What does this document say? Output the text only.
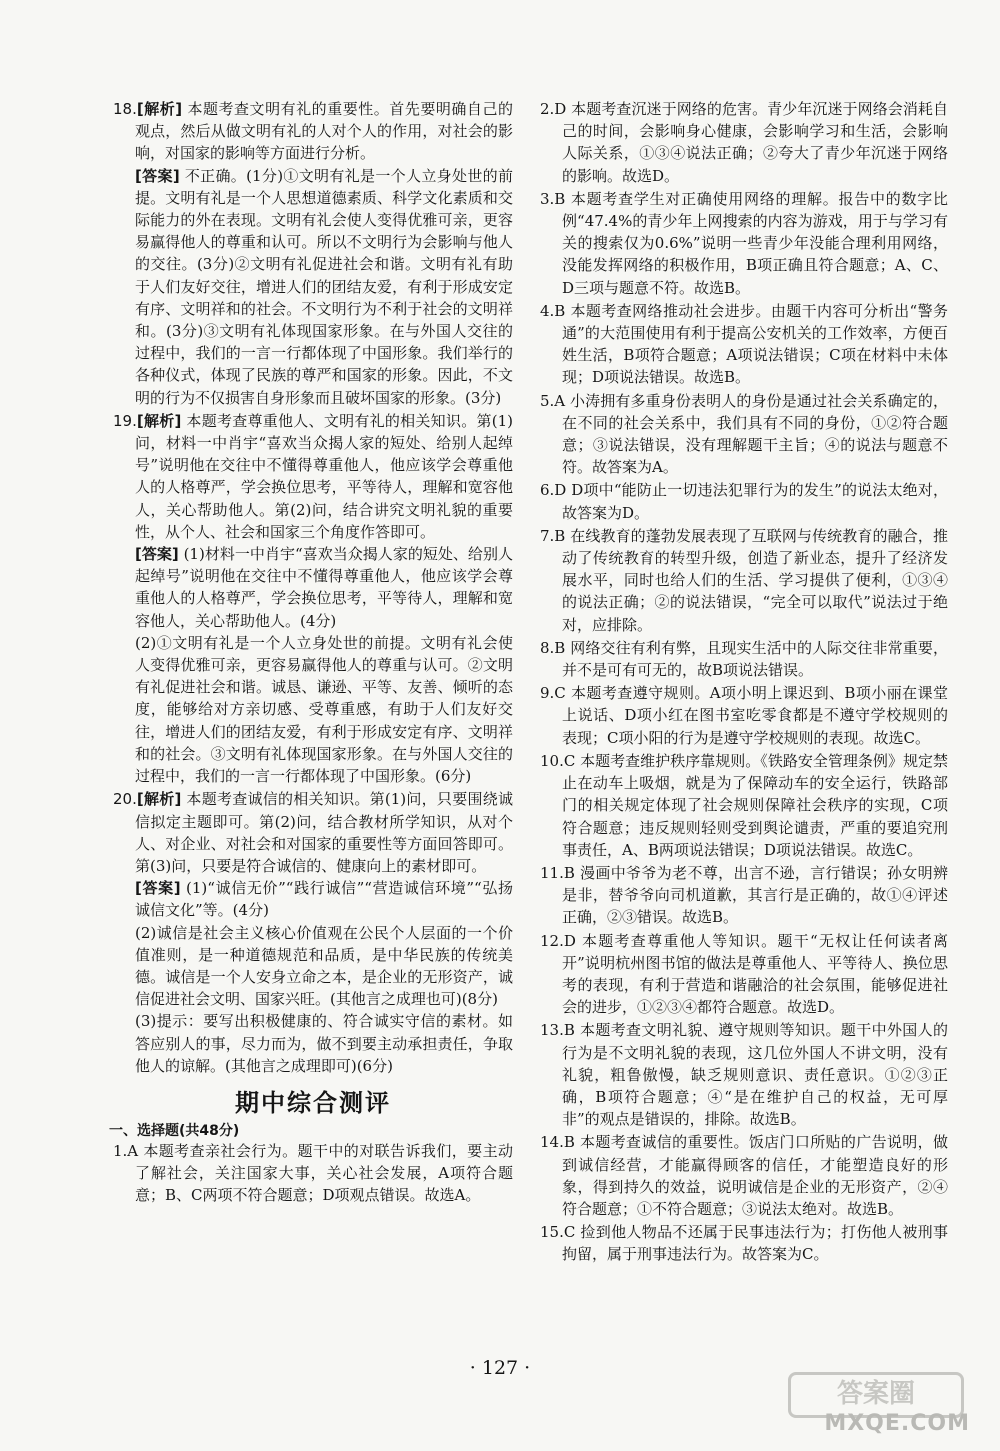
18.[解析] 本题考查文明有礼的重要性。首先要明确自己的观点，然后从做文明有礼的人对个人的作用，对社会的影响，对国家的影响等方面进行分析。
[答案] 不正确。(1分)①文明有礼是一个人立身处世的前提。文明有礼是一个人思想道德素质、科学文化素质和交际能力的外在表现。文明有礼会使人变得优雅可亲，更容易赢得他人的尊重和认可。所以不文明行为会影响与他人的交往。(3分)②文明有礼促进社会和谐。文明有礼有助于人们友好交往，增进人们的团结友爱，有利于形成安定有序、文明祥和的社会。不文明行为不利于社会的文明祥和。(3分)③文明有礼体现国家形象。在与外国人交往的过程中，我们的一言一行都体现了中国形象。我们举行的各种仪式，体现了民族的尊严和国家的形象。因此，不文明的行为不仅损害自身形象而且破坏国家的形象。(3分)
19.[解析] 本题考查尊重他人、文明有礼的相关知识。第(1)问，材料一中肖宇“喜欢当众揭人家的短处、给别人起绰号”说明他在交往中不懂得尊重他人，他应该学会尊重他人的人格尊严，学会换位思考，平等待人，理解和宽容他人，关心帮助他人。第(2)问，结合讲究文明礼貌的重要性，从个人、社会和国家三个角度作答即可。
[答案] (1)材料一中肖宇“喜欢当众揭人家的短处、给别人起绰号”说明他在交往中不懂得尊重他人，他应该学会尊重他人的人格尊严，学会换位思考，平等待人，理解和宽容他人，关心帮助他人。(4分)
(2)①文明有礼是一个人立身处世的前提。文明有礼会使人变得优雅可亲，更容易赢得他人的尊重与认可。②文明有礼促进社会和谐。诚恳、谦逊、平等、友善、倾听的态度，能够给对方亲切感、受尊重感，有助于人们友好交往，增进人们的团结友爱，有利于形成安定有序、文明祥和的社会。③文明有礼体现国家形象。在与外国人交往的过程中，我们的一言一行都体现了中国形象。(6分)
20.[解析] 本题考查诚信的相关知识。第(1)问，只要围绕诚信拟定主题即可。第(2)问，结合教材所学知识，从对个人、对企业、对社会和对国家的重要性等方面回答即可。第(3)问，只要是符合诚信的、健康向上的素材即可。
[答案] (1)“诚信无价”“践行诚信”“营造诚信环境”“弘扬诚信文化”等。(4分)
(2)诚信是社会主义核心价值观在公民个人层面的一个价值准则，是一种道德规范和品质，是中华民族的传统美德。诚信是一个人安身立命之本，是企业的无形资产，诚信促进社会文明、国家兴旺。(其他言之成理也可)(8分)
(3)提示：要写出积极健康的、符合诚实守信的素材。如答应别人的事，尽力而为，做不到要主动承担责任，争取他人的谅解。(其他言之成理即可)(6分)
期中综合测评
一、选择题(共48分)
1.A 本题考查亲社会行为。题干中的对联告诉我们，要主动了解社会，关注国家大事，关心社会发展，A项符合题意；B、C两项不符合题意；D项观点错误。故选A。
2.D 本题考查沉迷于网络的危害。青少年沉迷于网络会消耗自己的时间，会影响身心健康，会影响学习和生活，会影响人际关系，①③④说法正确；②夸大了青少年沉迷于网络的影响。故选D。
3.B 本题考查学生对正确使用网络的理解。报告中的数字比例“47.4%的青少年上网搜索的内容为游戏，用于与学习有关的搜索仅为0.6%”说明一些青少年没能合理利用网络，没能发挥网络的积极作用，B项正确且符合题意；A、C、D三项与题意不符。故选B。
4.B 本题考查网络推动社会进步。由题干内容可分析出“警务通”的大范围使用有利于提高公安机关的工作效率，方便百姓生活，B项符合题意；A项说法错误；C项在材料中未体现；D项说法错误。故选B。
5.A 小涛拥有多重身份表明人的身份是通过社会关系确定的，在不同的社会关系中，我们具有不同的身份，①②符合题意；③说法错误，没有理解题干主旨；④的说法与题意不符。故答案为A。
6.D D项中“能防止一切违法犯罪行为的发生”的说法太绝对，故答案为D。
7.B 在线教育的蓬勃发展表现了互联网与传统教育的融合，推动了传统教育的转型升级，创造了新业态，提升了经济发展水平，同时也给人们的生活、学习提供了便利，①③④的说法正确；②的说法错误，“完全可以取代”说法过于绝对，应排除。
8.B 网络交往有利有弊，且现实生活中的人际交往非常重要，并不是可有可无的，故B项说法错误。
9.C 本题考查遵守规则。A项小明上课迟到、B项小丽在课堂上说话、D项小红在图书室吃零食都是不遵守学校规则的表现；C项小阳的行为是遵守学校规则的表现。故选C。
10.C 本题考查维护秩序靠规则。《铁路安全管理条例》规定禁止在动车上吸烟，就是为了保障动车的安全运行，铁路部门的相关规定体现了社会规则保障社会秩序的实现，C项符合题意；违反规则轻则受到舆论谴责，严重的要追究刑事责任，A、B两项说法错误；D项说法错误。故选C。
11.B 漫画中爷爷为老不尊，出言不逊，言行错误；孙女明辨是非，替爷爷向司机道歉，其言行是正确的，故①④评述正确，②③错误。故选B。
12.D 本题考查尊重他人等知识。题干“无权让任何读者离开”说明杭州图书馆的做法是尊重他人、平等待人、换位思考的表现，有利于营造和谐融洽的社会氛围，能够促进社会的进步，①②③④都符合题意。故选D。
13.B 本题考查文明礼貌、遵守规则等知识。题干中外国人的行为是不文明礼貌的表现，这几位外国人不讲文明，没有礼貌，粗鲁傲慢，缺乏规则意识、责任意识。①②③正确，B项符合题意；④“是在维护自己的权益，无可厚非”的观点是错误的，排除。故选B。
14.B 本题考查诚信的重要性。饭店门口所贴的广告说明，做到诚信经营，才能赢得顾客的信任，才能塑造良好的形象，得到持久的效益，说明诚信是企业的无形资产，②④符合题意；①不符合题意；③说法太绝对。故选B。
15.C 捡到他人物品不还属于民事违法行为；打伤他人被刑事拘留，属于刑事违法行为。故答案为C。
· 127 ·
答案圈
MXQE.COM
